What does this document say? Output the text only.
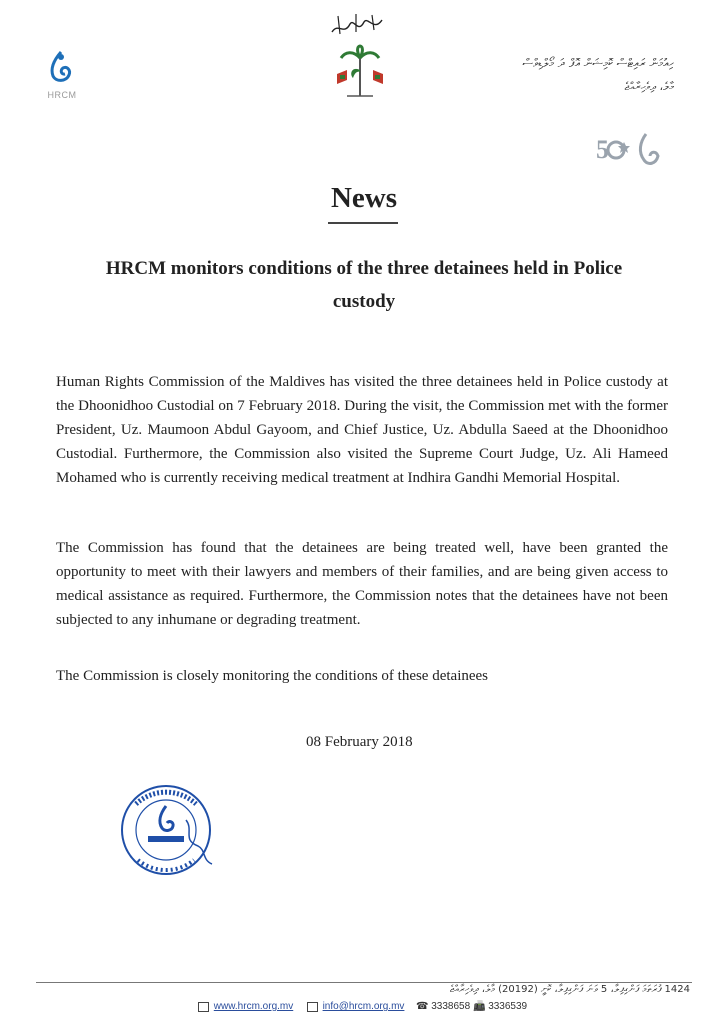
HRCM
ހިއުމަން ރައިޓްސް ކޮމިޝަން އޮފް ދަ މޯލްޑިވްސް
މާލެ، ދިވެހިރާއްޖެ
5
News
HRCM monitors conditions of the three detainees held in Police custody

Human Rights Commission of the Maldives has visited the three detainees held in Police custody at the Dhoonidhoo Custodial on 7 February 2018. During the visit, the Commission met with the former President, Uz. Maumoon Abdul Gayoom, and Chief Justice, Uz. Abdulla Saeed at the Dhoonidhoo Custodial. Furthermore, the Commission also visited the Supreme Court Judge, Uz. Ali Hameed Mohamed who is currently receiving medical treatment at Indhira Gandhi Memorial Hospital.

The Commission has found that the detainees are being treated well, have been granted the opportunity to meet with their lawyers and members of their families, and are being given access to medical assistance as required. Furthermore, the Commission notes that the detainees have not been subjected to any inhumane or degrading treatment.

The Commission is closely monitoring the conditions of these detainees

08 February 2018
1424 ފުރަތަމަ ފަންގިފިލާ، 5 ވަނަ ފަންގިފިލާ، ކޮށީ (20192) މާލެ، ދިވެހިރާއްޖެ
www.hrcm.org.mv	info@hrcm.org.mv ☎ 3338658 📠 3336539
